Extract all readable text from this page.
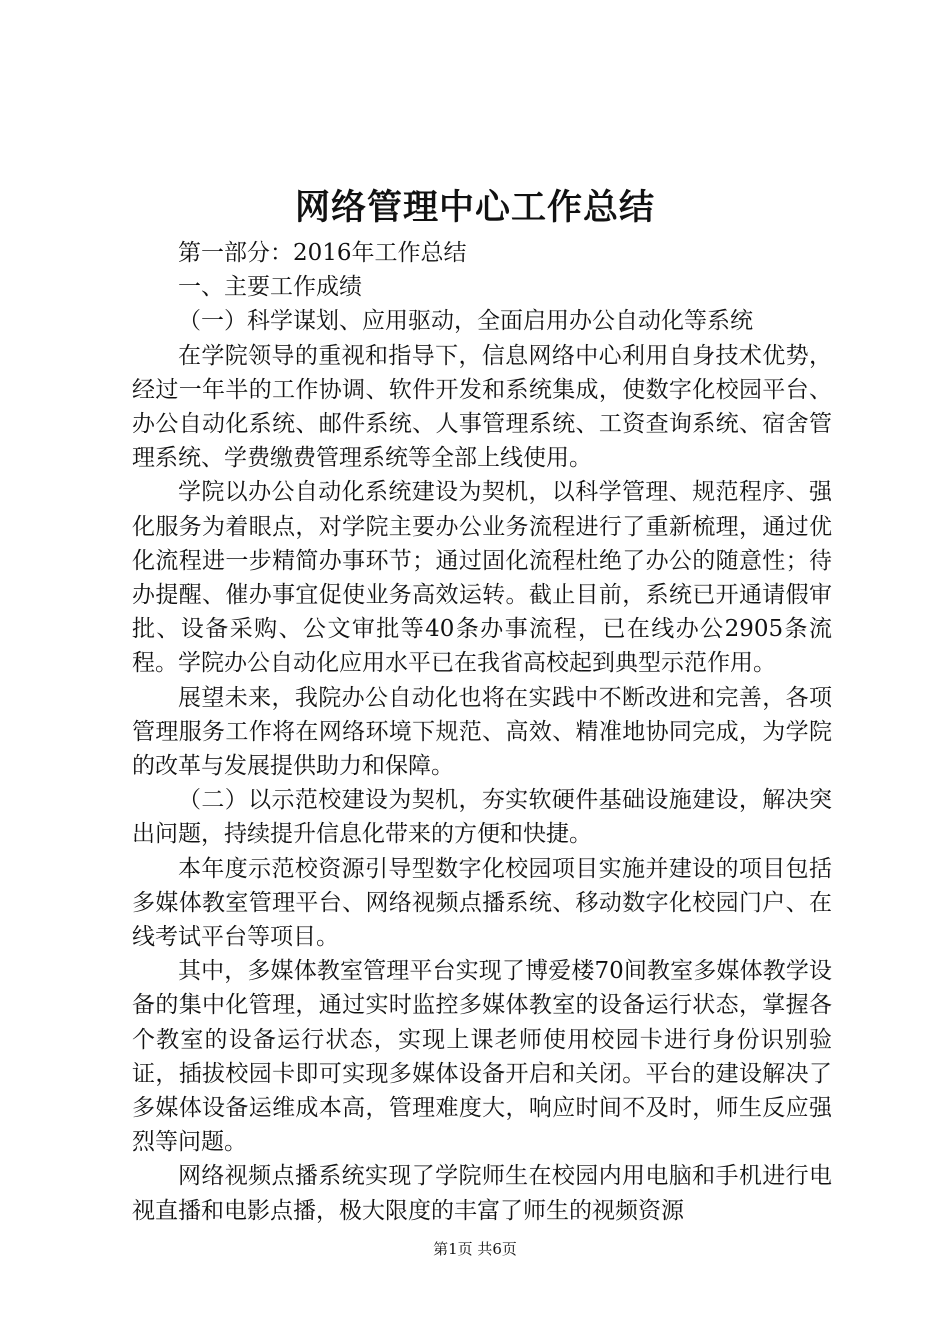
网络管理中心工作总结

第一部分：2016年工作总结

一、主要工作成绩

（一）科学谋划、应用驱动，全面启用办公自动化等系统

在学院领导的重视和指导下，信息网络中心利用自身技术优势，经过一年半的工作协调、软件开发和系统集成，使数字化校园平台、办公自动化系统、邮件系统、人事管理系统、工资查询系统、宿舍管理系统、学费缴费管理系统等全部上线使用。

学院以办公自动化系统建设为契机，以科学管理、规范程序、强化服务为着眼点，对学院主要办公业务流程进行了重新梳理，通过优化流程进一步精简办事环节；通过固化流程杜绝了办公的随意性；待办提醒、催办事宜促使业务高效运转。截止目前，系统已开通请假审批、设备采购、公文审批等40条办事流程，已在线办公2905条流程。学院办公自动化应用水平已在我省高校起到典型示范作用。

展望未来，我院办公自动化也将在实践中不断改进和完善，各项管理服务工作将在网络环境下规范、高效、精准地协同完成，为学院的改革与发展提供助力和保障。

（二）以示范校建设为契机，夯实软硬件基础设施建设，解决突出问题，持续提升信息化带来的方便和快捷。

本年度示范校资源引导型数字化校园项目实施并建设的项目包括多媒体教室管理平台、网络视频点播系统、移动数字化校园门户、在线考试平台等项目。

其中，多媒体教室管理平台实现了博爱楼70间教室多媒体教学设备的集中化管理，通过实时监控多媒体教室的设备运行状态，掌握各个教室的设备运行状态，实现上课老师使用校园卡进行身份识别验证，插拔校园卡即可实现多媒体设备开启和关闭。平台的建设解决了多媒体设备运维成本高，管理难度大，响应时间不及时，师生反应强烈等问题。

网络视频点播系统实现了学院师生在校园内用电脑和手机进行电视直播和电影点播，极大限度的丰富了师生的视频资源

第1页 共6页
